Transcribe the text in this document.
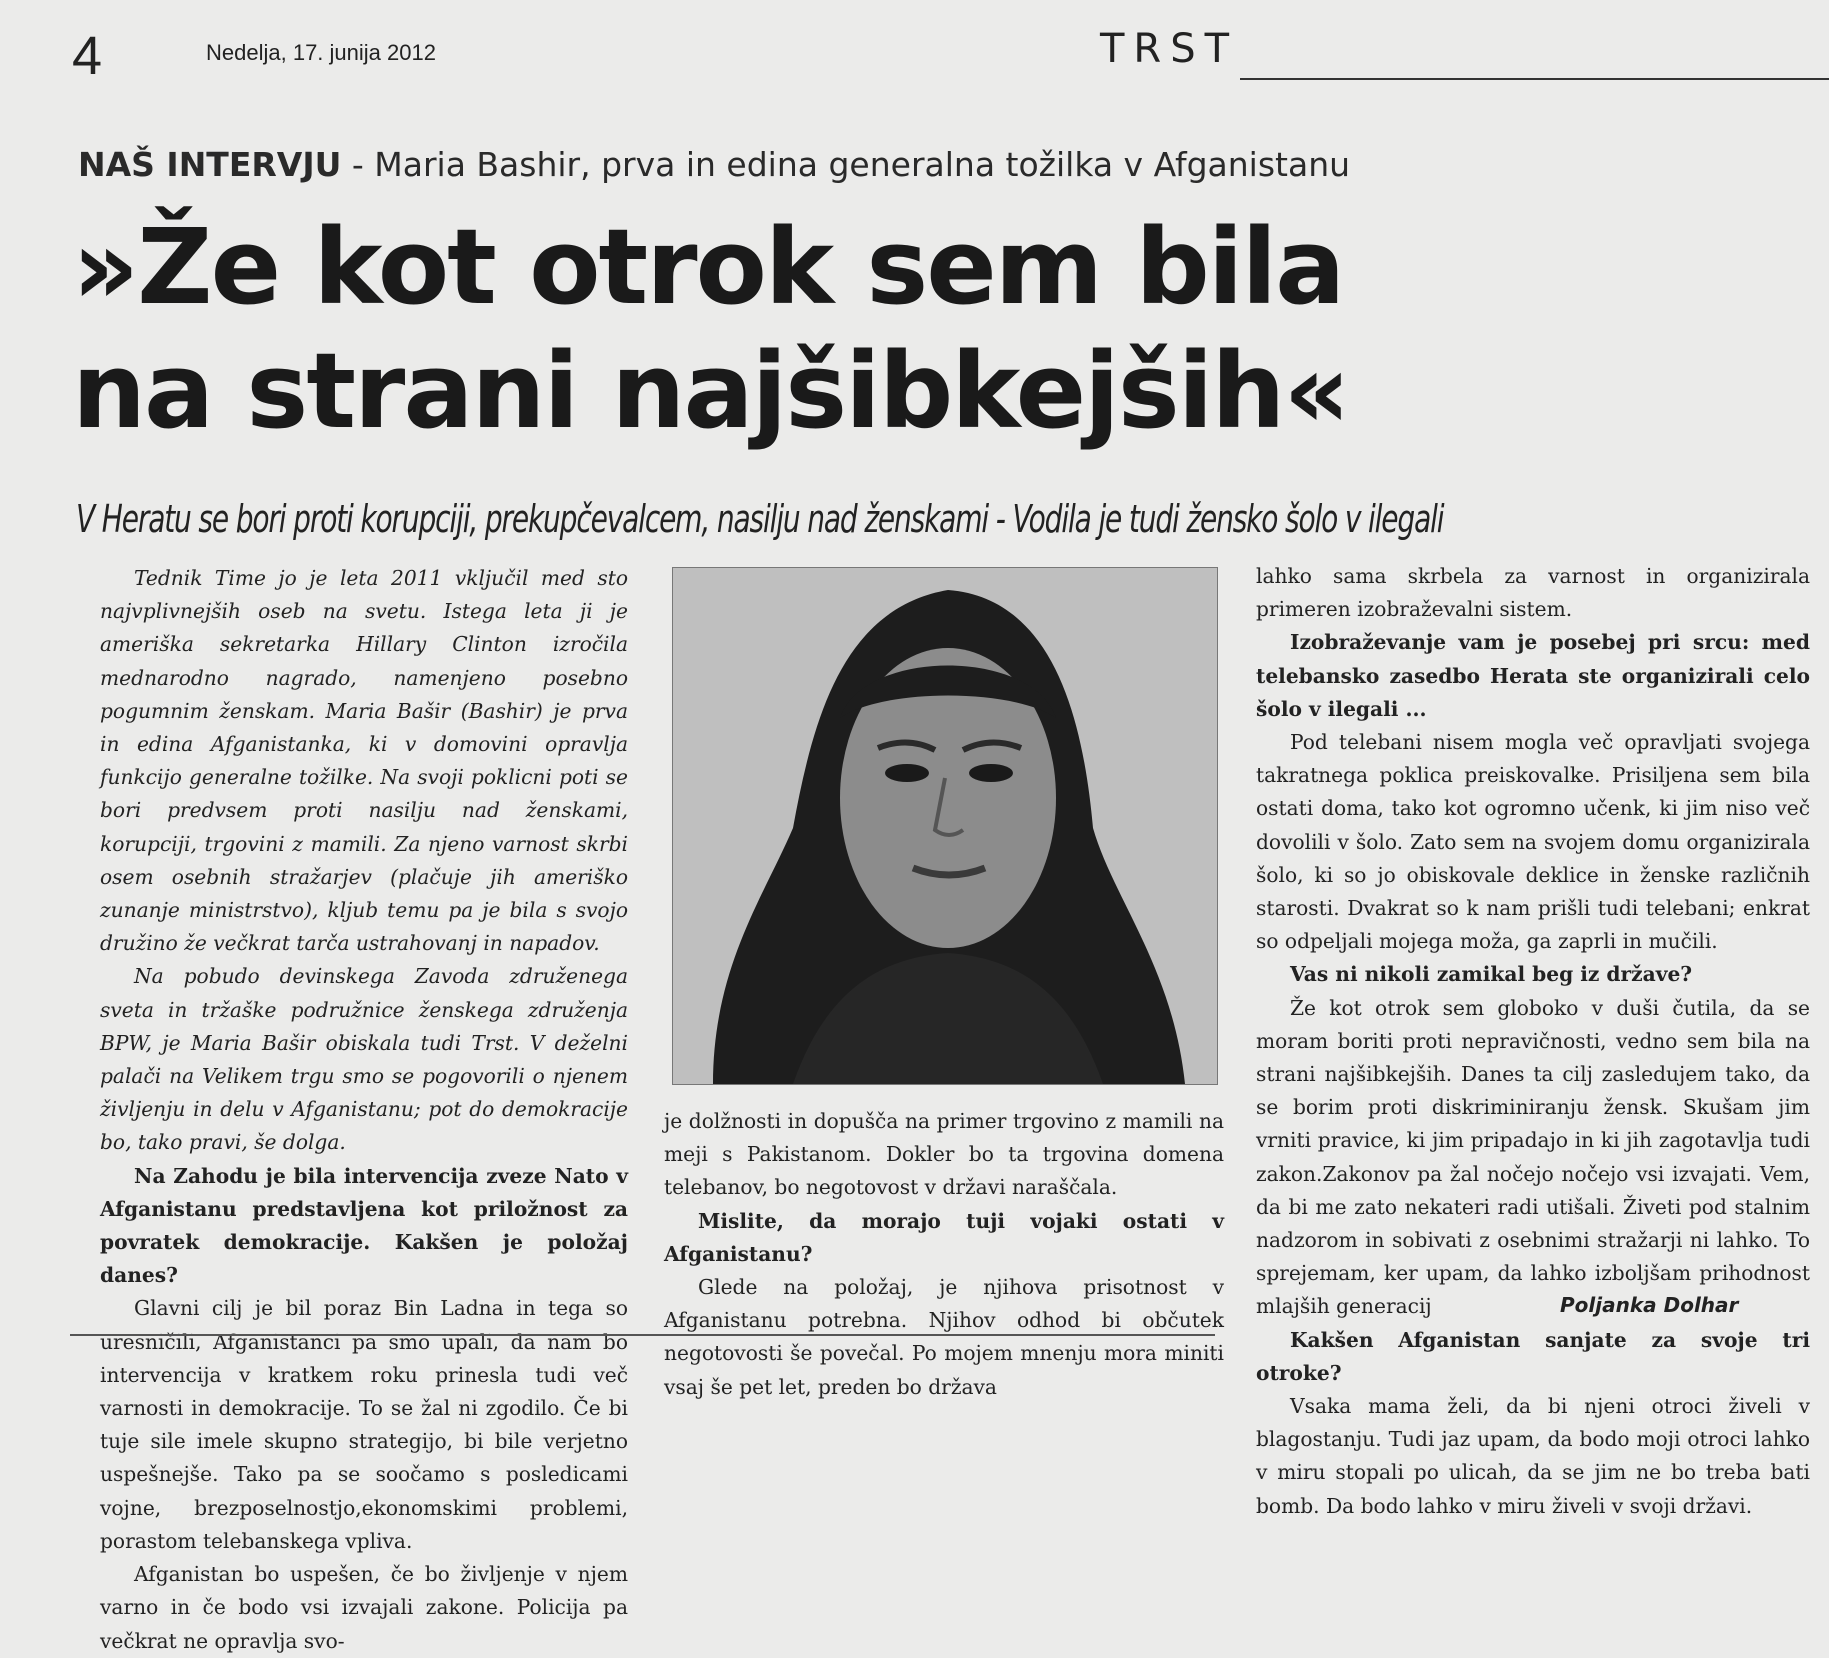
4	Nedelja, 17. junija 2012	TRST
NAŠ INTERVJU - Maria Bashir, prva in edina generalna tožilka v Afganistanu
»Že kot otrok sem bila
na strani najšibkejših«
V Heratu se bori proti korupciji, prekupčevalcem, nasilju nad ženskami - Vodila je tudi žensko šolo v ilegali

Tednik Time jo je leta 2011 vključil med sto najvplivnejših oseb na svetu. Istega leta ji je ameriška sekretarka Hillary Clinton izročila mednarodno nagrado, namenjeno posebno pogumnim ženskam. Maria Bašir (Bashir) je prva in edina Afganistanka, ki v domovini opravlja funkcijo generalne tožilke. Na svoji poklicni poti se bori predvsem proti nasilju nad ženskami, korupciji, trgovini z mamili. Za njeno varnost skrbi osem osebnih stražarjev (plačuje jih ameriško zunanje ministrstvo), kljub temu pa je bila s svojo družino že večkrat tarča ustrahovanj in napadov.

Na pobudo devinskega Zavoda združenega sveta in tržaške podružnice ženskega združenja BPW, je Maria Bašir obiskala tudi Trst. V deželni palači na Velikem trgu smo se pogovorili o njenem življenju in delu v Afganistanu; pot do demokracije bo, tako pravi, še dolga.

Na Zahodu je bila intervencija zveze Nato v Afganistanu predstavljena kot priložnost za povratek demokracije. Kakšen je položaj danes?

Glavni cilj je bil poraz Bin Ladna in tega so uresničili, Afganistanci pa smo upali, da nam bo intervencija v kratkem roku prinesla tudi več varnosti in demokracije. To se žal ni zgodilo. Če bi tuje sile imele skupno strategijo, bi bile verjetno uspešnejše. Tako pa se soočamo s posledicami vojne, brezposelnostjo,ekonomskimi problemi, porastom telebanskega vpliva.

Afganistan bo uspešen, če bo življenje v njem varno in če bodo vsi izvajali zakone. Policija pa večkrat ne opravlja svo-

je dolžnosti in dopušča na primer trgovino z mamili na meji s Pakistanom. Dokler bo ta trgovina domena telebanov, bo negotovost v državi naraščala.

Mislite, da morajo tuji vojaki ostati v Afganistanu?

Glede na položaj, je njihova prisotnost v Afganistanu potrebna. Njihov odhod bi občutek negotovosti še povečal. Po mojem mnenju mora miniti vsaj še pet let, preden bo država

lahko sama skrbela za varnost in organizirala primeren izobraževalni sistem.

Izobraževanje vam je posebej pri srcu: med telebansko zasedbo Herata ste organizirali celo šolo v ilegali ...

Pod telebani nisem mogla več opravljati svojega takratnega poklica preiskovalke. Prisiljena sem bila ostati doma, tako kot ogromno učenk, ki jim niso več dovolili v šolo. Zato sem na svojem domu organizirala šolo, ki so jo obiskovale deklice in ženske različnih starosti. Dvakrat so k nam prišli tudi telebani; enkrat so odpeljali mojega moža, ga zaprli in mučili.

Vas ni nikoli zamikal beg iz države?

Že kot otrok sem globoko v duši čutila, da se moram boriti proti nepravičnosti, vedno sem bila na strani najšibkejših. Danes ta cilj zasledujem tako, da se borim proti diskriminiranju žensk. Skušam jim vrniti pravice, ki jim pripadajo in ki jih zagotavlja tudi zakon.Zakonov pa žal nočejo nočejo vsi izvajati. Vem, da bi me zato nekateri radi utišali. Živeti pod stalnim nadzorom in sobivati z osebnimi stražarji ni lahko. To sprejemam, ker upam, da lahko izboljšam prihodnost mlajših generacij

Kakšen Afganistan sanjate za svoje tri otroke?

Vsaka mama želi, da bi njeni otroci živeli v blagostanju. Tudi jaz upam, da bodo moji otroci lahko v miru stopali po ulicah, da se jim ne bo treba bati bomb. Da bodo lahko v miru živeli v svoji državi.

Poljanka Dolhar
